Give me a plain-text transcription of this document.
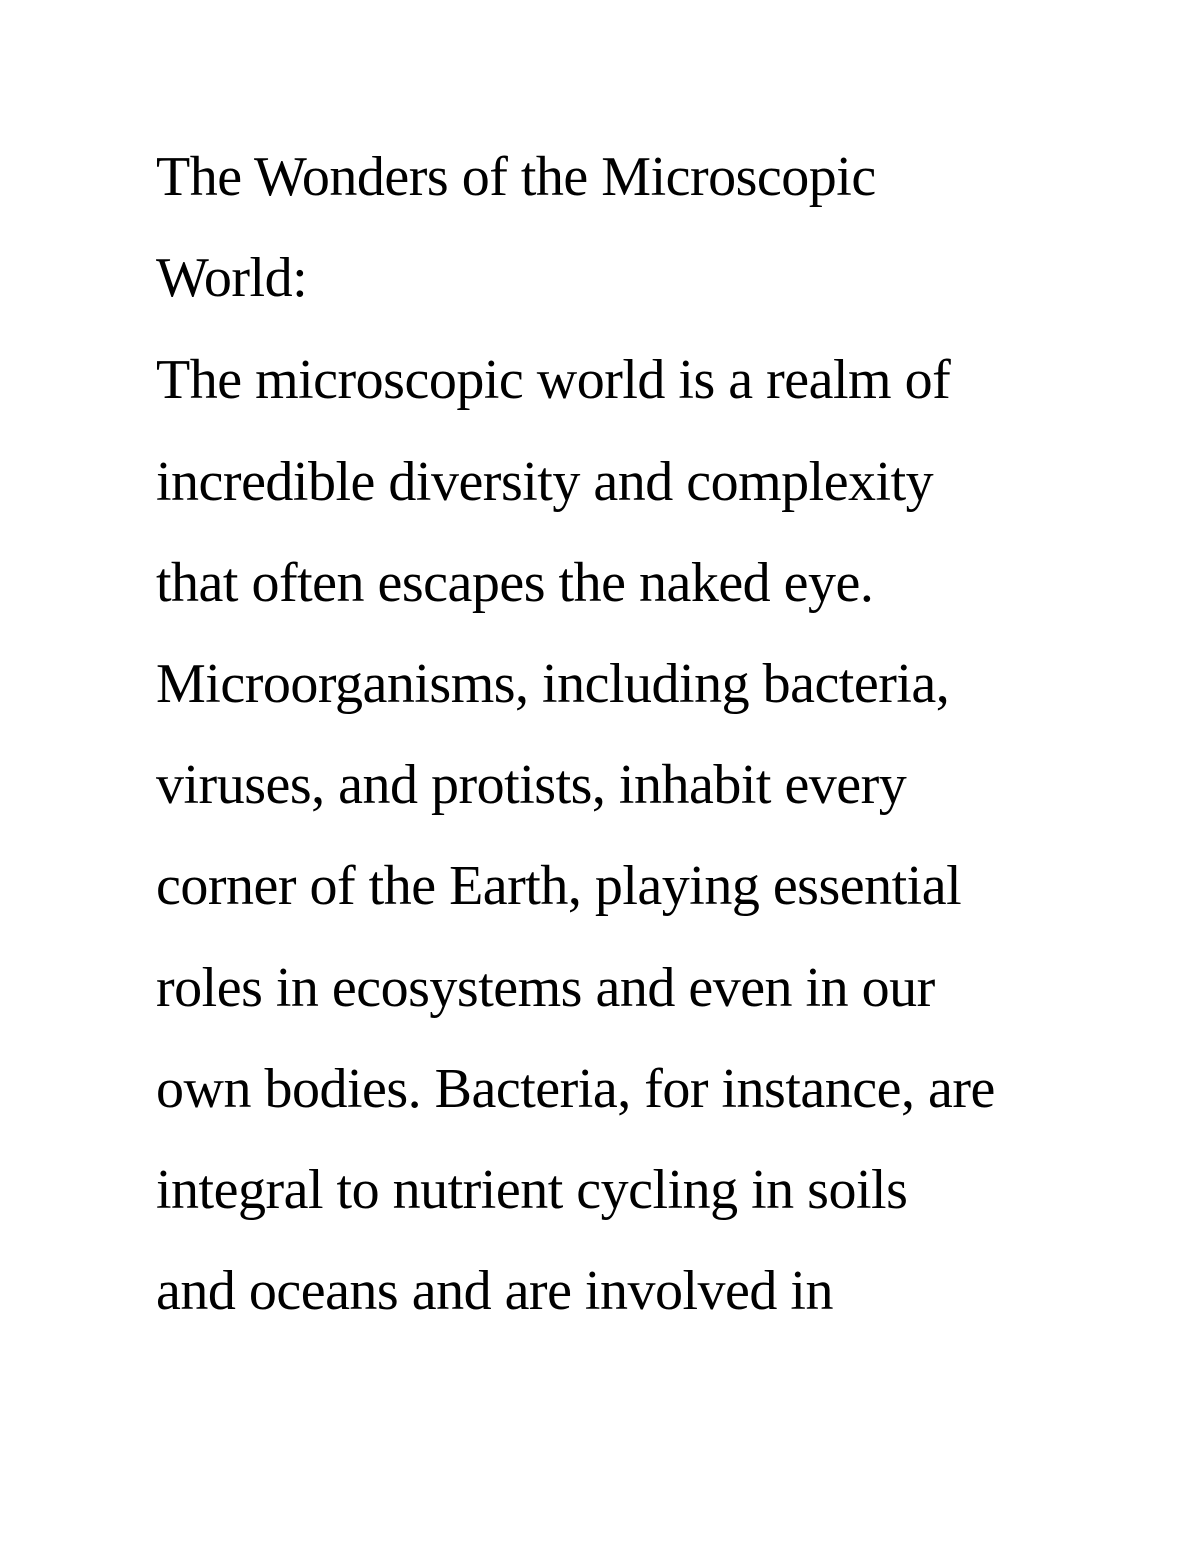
The Wonders of the Microscopic

World:

The microscopic world is a realm of

incredible diversity and complexity

that often escapes the naked eye.

Microorganisms, including bacteria,

viruses, and protists, inhabit every

corner of the Earth, playing essential

roles in ecosystems and even in our

own bodies. Bacteria, for instance, are

integral to nutrient cycling in soils

and oceans and are involved in
